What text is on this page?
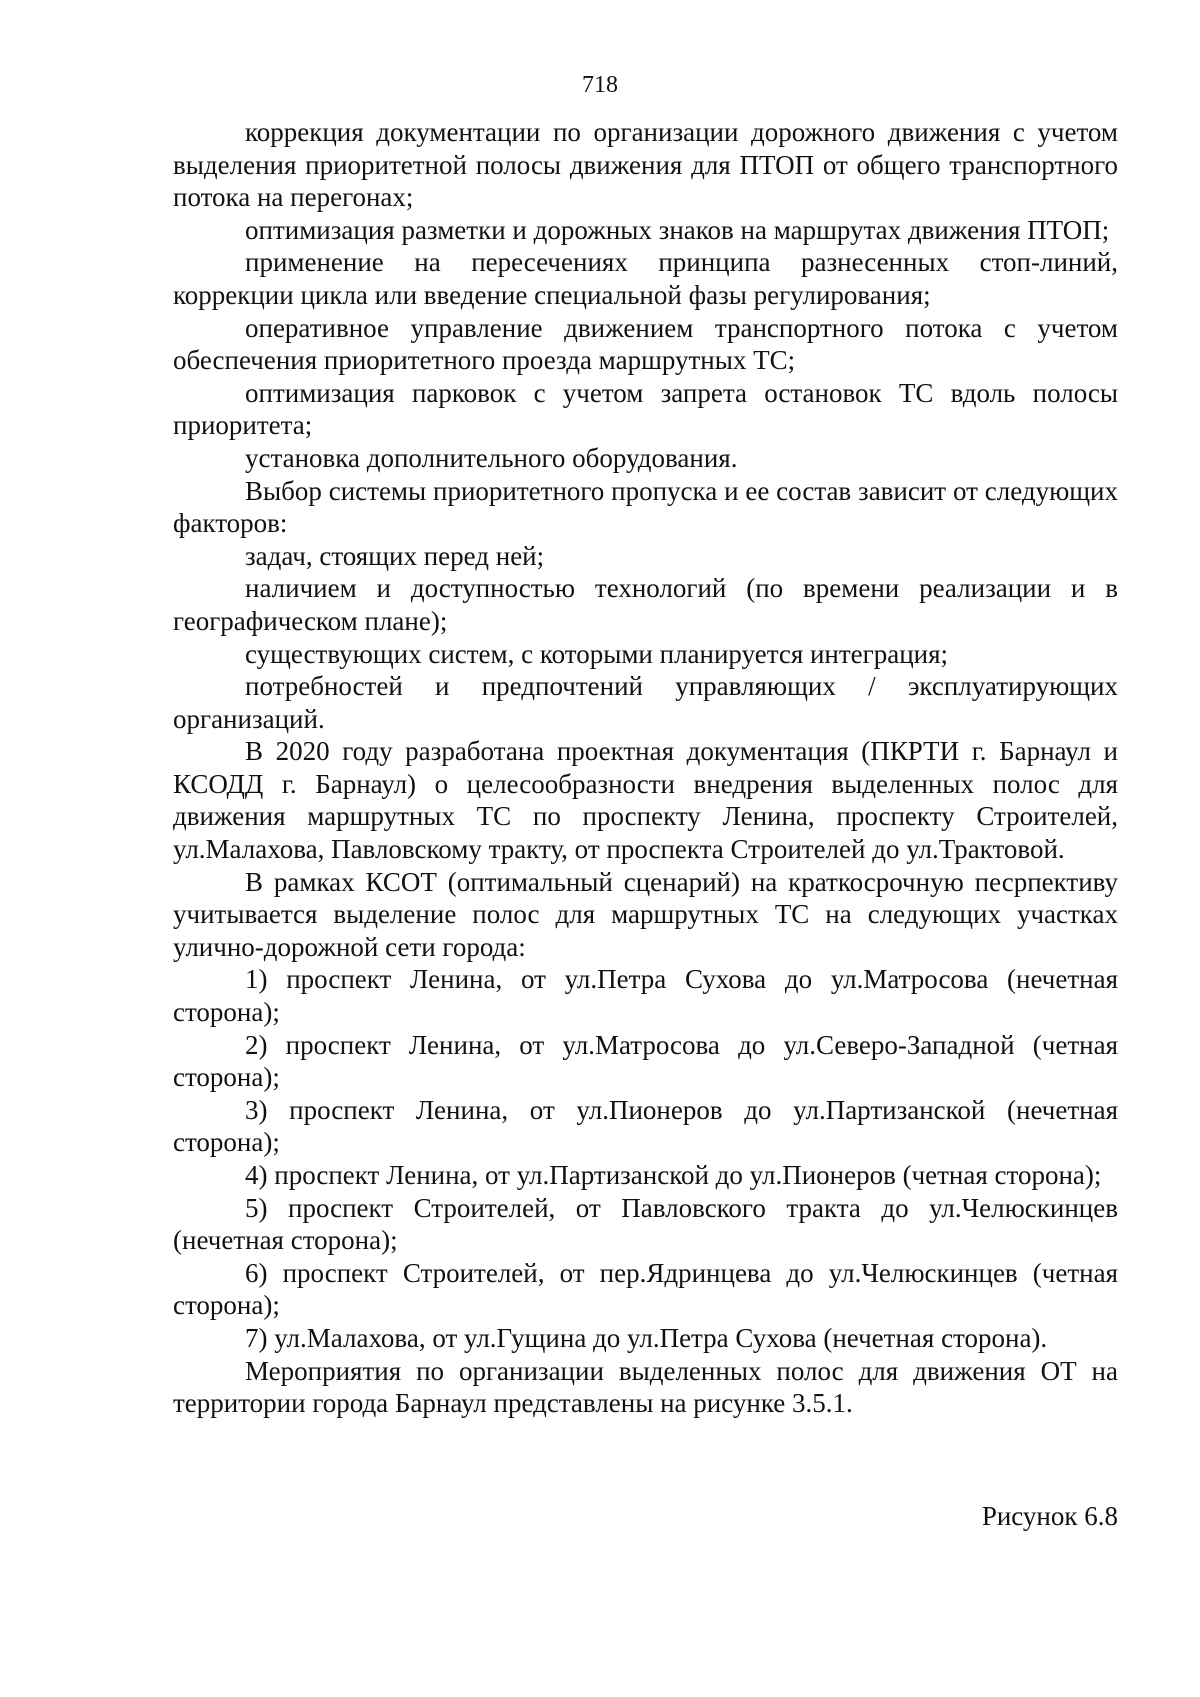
718

коррекция документации по организации дорожного движения с учетом выделения приоритетной полосы движения для ПТОП от общего транспортного потока на перегонах;

оптимизация разметки и дорожных знаков на маршрутах движения ПТОП;

применение на пересечениях принципа разнесенных стоп-линий, коррекции цикла или введение специальной фазы регулирования;

оперативное управление движением транспортного потока с учетом обеспечения приоритетного проезда маршрутных ТС;

оптимизация парковок с учетом запрета остановок ТС вдоль полосы приоритета;

установка дополнительного оборудования.

Выбор системы приоритетного пропуска и ее состав зависит от следующих факторов:

задач, стоящих перед ней;

наличием и доступностью технологий (по времени реализации и в географическом плане);

существующих систем, с которыми планируется интеграция;

потребностей и предпочтений управляющих / эксплуатирующих организаций.

В 2020 году разработана проектная документация (ПКРТИ г. Барнаул и КСОДД г. Барнаул) о целесообразности внедрения выделенных полос для движения маршрутных ТС по проспекту Ленина, проспекту Строителей, ул.Малахова, Павловскому тракту, от проспекта Строителей до ул.Трактовой.

В рамках КСОТ (оптимальный сценарий) на краткосрочную песрпективу учитывается выделение полос для маршрутных ТС на следующих участках улично-дорожной сети города:

1) проспект Ленина, от ул.Петра Сухова до ул.Матросова (нечетная сторона);

2) проспект Ленина, от ул.Матросова до ул.Северо-Западной (четная сторона);

3) проспект Ленина, от ул.Пионеров до ул.Партизанской (нечетная сторона);

4) проспект Ленина, от ул.Партизанской до ул.Пионеров (четная сторона);

5) проспект Строителей, от Павловского тракта до ул.Челюскинцев (нечетная сторона);

6) проспект Строителей, от пер.Ядринцева до ул.Челюскинцев (четная сторона);

7) ул.Малахова, от ул.Гущина до ул.Петра Сухова (нечетная сторона).

Мероприятия по организации выделенных полос для движения ОТ на территории города Барнаул представлены на рисунке 3.5.1.

Рисунок 6.8
